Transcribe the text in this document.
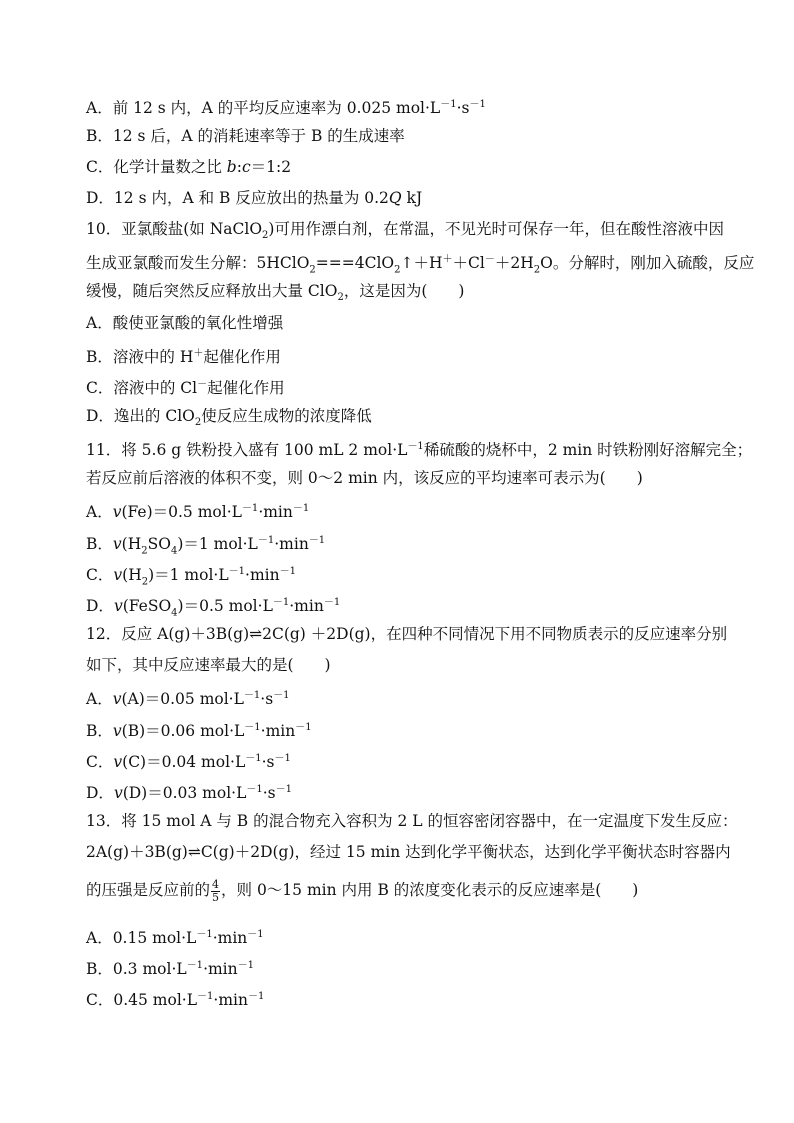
A．前 12 s 内，A 的平均反应速率为 0.025 $mol\cdot L^{-1}\cdot s^{-1}$
B．12 s 后，A 的消耗速率等于 B 的生成速率
C．化学计量数之比 b:c＝1:2
D．12 s 内，A 和 B 反应放出的热量为 0.2Q kJ
10．亚氯酸盐(如 NaClO$_2$)可用作漂白剂，在常温，不见光时可保存一年，但在酸性溶液中因
生成亚氯酸而发生分解：$5HClO_2===4ClO_2↑+H^++Cl^-+2H_2O$。分解时，刚加入硫酸，反应
缓慢，随后突然反应释放出大量 ClO$_2$，这是因为(　　)
A．酸使亚氯酸的氧化性增强
B．溶液中的 H＋起催化作用
C．溶液中的 Cl－起催化作用
D．逸出的 ClO$_2$使反应生成物的浓度降低
11．将 5.6 g 铁粉投入盛有 100 mL 2 $mol\cdot L^{-1}$稀硫酸的烧杯中，2 min 时铁粉刚好溶解完全；
若反应前后溶液的体积不变，则 0～2 min 内，该反应的平均速率可表示为(　　)
A．v(Fe)＝0.5 $mol\cdot L^{-1}\cdot\min^{-1}$
B．$v(H_2SO_4)=1$ $mol\cdot L^{-1}\cdot\min^{-1}$
C．$v(H_2)=1$ $mol\cdot L^{-1}\cdot\min^{-1}$
D．v(FeSO$_4$)＝0.5 $mol\cdot L^{-1}\cdot\min^{-1}$
12．反应 A(g)＋3B(g)⇌2C(g) ＋2D(g)，在四种不同情况下用不同物质表示的反应速率分别
如下，其中反应速率最大的是(　　)
A．v(A)＝0.05 $mol\cdot L^{-1}\cdot s^{-1}$
B．v(B)＝0.06 $mol\cdot L^{-1}\cdot\min^{-1}$
C．v(C)＝0.04 $mol\cdot L^{-1}\cdot s^{-1}$
D．v(D)＝0.03 $mol\cdot L^{-1}\cdot s^{-1}$
13．将 15 mol A 与 B 的混合物充入容积为 2 L 的恒容密闭容器中，在一定温度下发生反应：
2A(g)＋3B(g)⇌C(g)＋2D(g)，经过 15 min 达到化学平衡状态，达到化学平衡状态时容器内
的压强是反应前的 $\frac{4}{5}$ ，则 0～15 min 内用 B 的浓度变化表示的反应速率是(　　)
A．0.15 $mol\cdot L^{-1}\cdot\min^{-1}$
B．0.3 $mol\cdot L^{-1}\cdot\min^{-1}$
C．0.45 $mol\cdot L^{-1}\cdot\min^{-1}$
